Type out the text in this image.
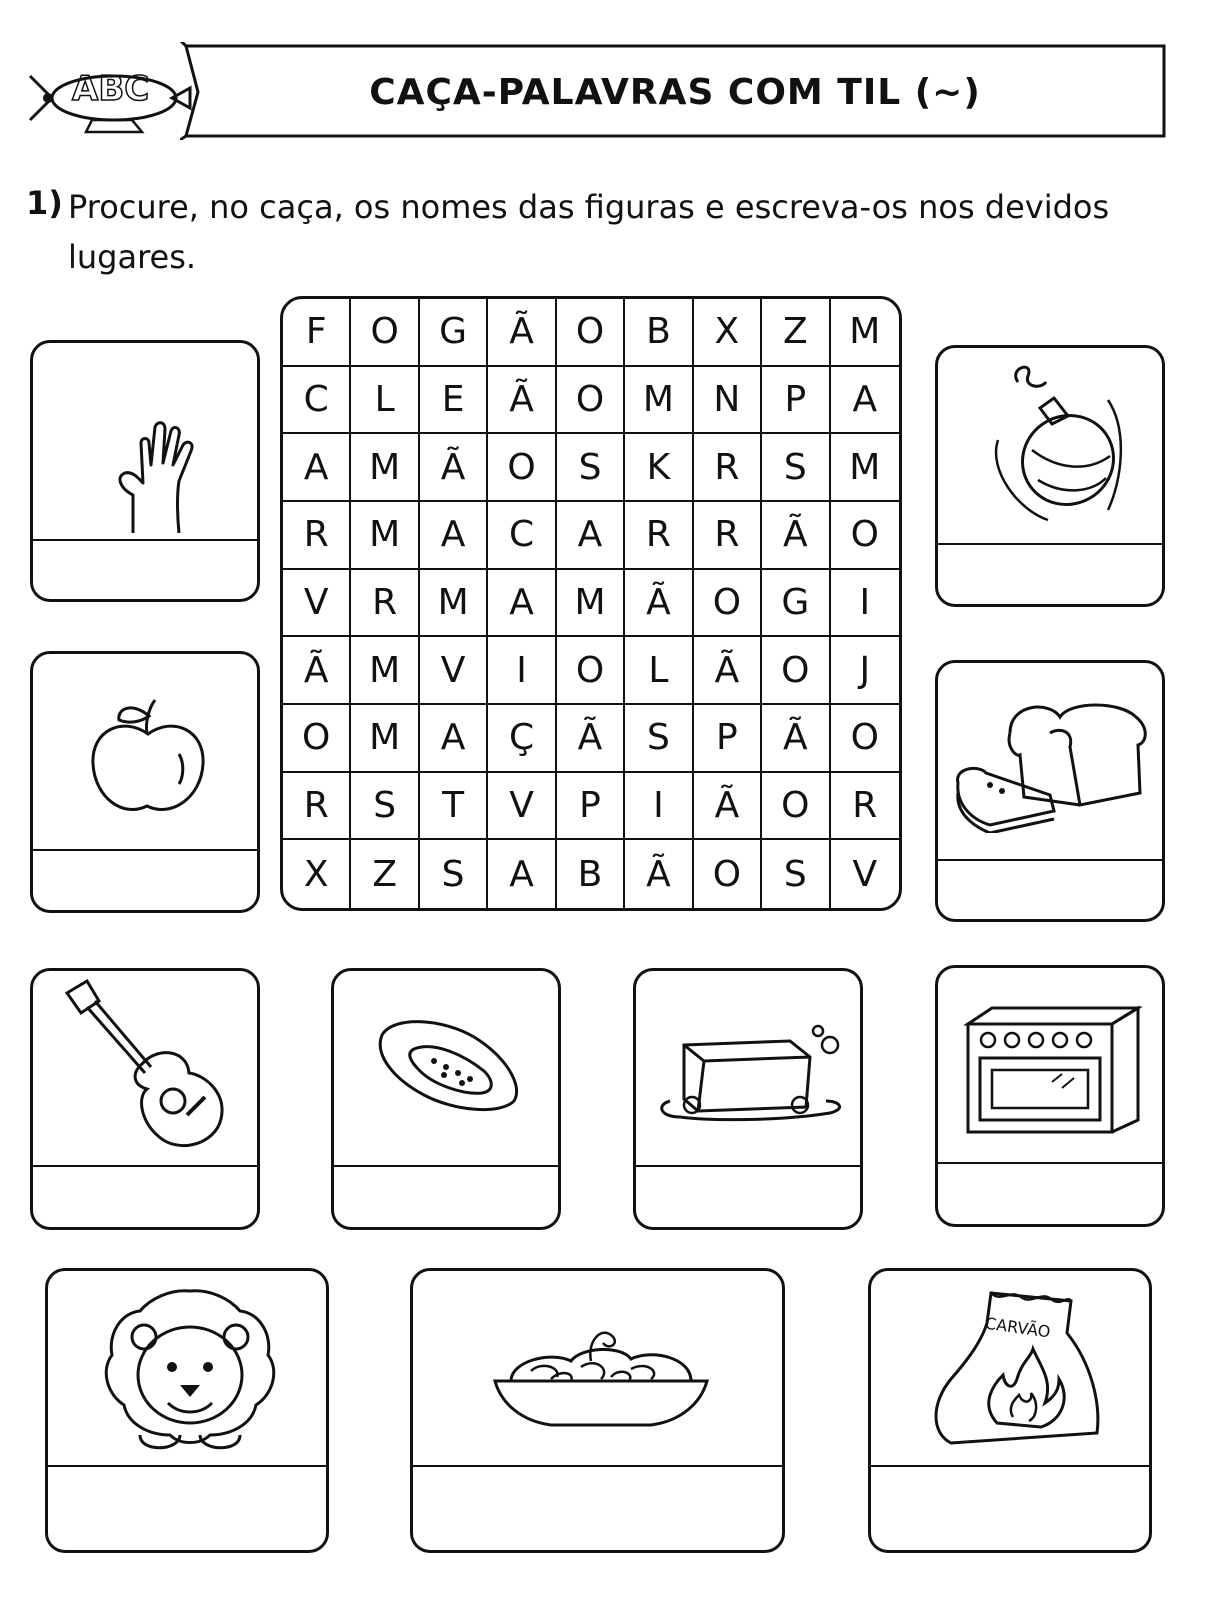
ABC	CAÇA-PALAVRAS COM TIL (~)
1) Procure, no caça, os nomes das figuras e escreva-os nos devidos lugares.
F	O	G	Ã	O	B	X	Z	M
C	L	E	Ã	O	M	N	P	A
A	M	Ã	O	S	K	R	S	M
R	M	A	C	A	R	R	Ã	O
V	R	M	A	M	Ã	O	G	I
Ã	M	V	I	O	L	Ã	O	J
O	M	A	Ç	Ã	S	P	Ã	O
R	S	T	V	P	I	Ã	O	R
X	Z	S	A	B	Ã	O	S	V
CARVÃO
